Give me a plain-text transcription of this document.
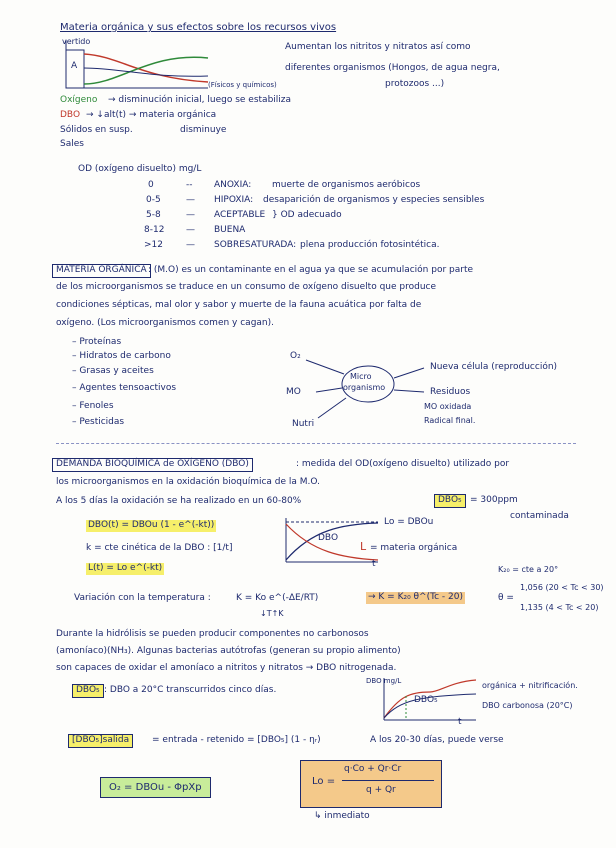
Materia orgánica y sus efectos sobre los recursos vivos
vertido
A
(Físicos y químicos)
Aumentan los nitritos y nitratos así como
diferentes organismos (Hongos, de agua negra,
protozoos ...)
Oxígeno → disminución inicial, luego se estabiliza
DBO → ↓alt(t) → materia orgánica
Sólidos en susp.	disminuye
Sales
OD (oxígeno disuelto) mg/L
0	-- ANOXIA: muerte de organismos aeróbicos
0-5	— HIPOXIA: desaparición de organismos y especies sensibles
5-8	— ACEPTABLE } OD adecuado
8-12 — BUENA
>12	— SOBRESATURADA: plena producción fotosintética.
MATERIA ORGÁNICA : (M.O) es un contaminante en el agua ya que se acumulación por parte
de los microorganismos se traduce en un consumo de oxígeno disuelto que produce
condiciones sépticas, mal olor y sabor y muerte de la fauna acuática por falta de
oxígeno. (Los microorganismos comen y cagan).
– Proteínas
– Hidratos de carbono
– Grasas y aceites
– Agentes tensoactivos
– Fenoles
– Pesticidas
O₂
MO
Nutri
Micro
organismo
Nueva célula (reproducción)
Residuos
MO oxidada
Radical final.
DEMANDA BIOQUÍMICA de OXÍGENO (DBO)	: medida del OD(oxígeno disuelto) utilizado por
los microorganismos en la oxidación bioquímica de la M.O.
A los 5 días la oxidación se ha realizado en un 60-80%	DBO₅ = 300ppm
contaminada
DBO(t) = DBOu (1 - e^(-kt))
k = cte cinética de la DBO : [1/t]
L(t) = Lo e^(-kt)
Lo = DBOu
DBO
L = materia orgánica
t
K₂₀ = cte a 20°
Variación con la temperatura :	K = Ko e^(-ΔE/RT)
↓T↑K
→ K = K₂₀ θ^(Tc - 20)	θ =
1,056 (20 < Tc < 30)
1,135 (4 < Tc < 20)
Durante la hidrólisis se pueden producir componentes no carbonosos
(amoníaco)(NH₃). Algunas bacterias autótrofas (generan su propio alimento)
son capaces de oxidar el amoníaco a nitritos y nitratos → DBO nitrogenada.
DBO₅ : DBO a 20°C transcurridos cinco días.
DBO mg/L
DBO₅
orgánica + nitrificación.
DBO carbonosa (20°C)
t
[DBO₅]salida	= entrada - retenido = [DBO₅] (1 - ηᵣ)	A los 20-30 días, puede verse
O₂ = DBOu - ΦpXp
Lo =
q·Co + Qr·Cr
q + Qr
↳ inmediato
